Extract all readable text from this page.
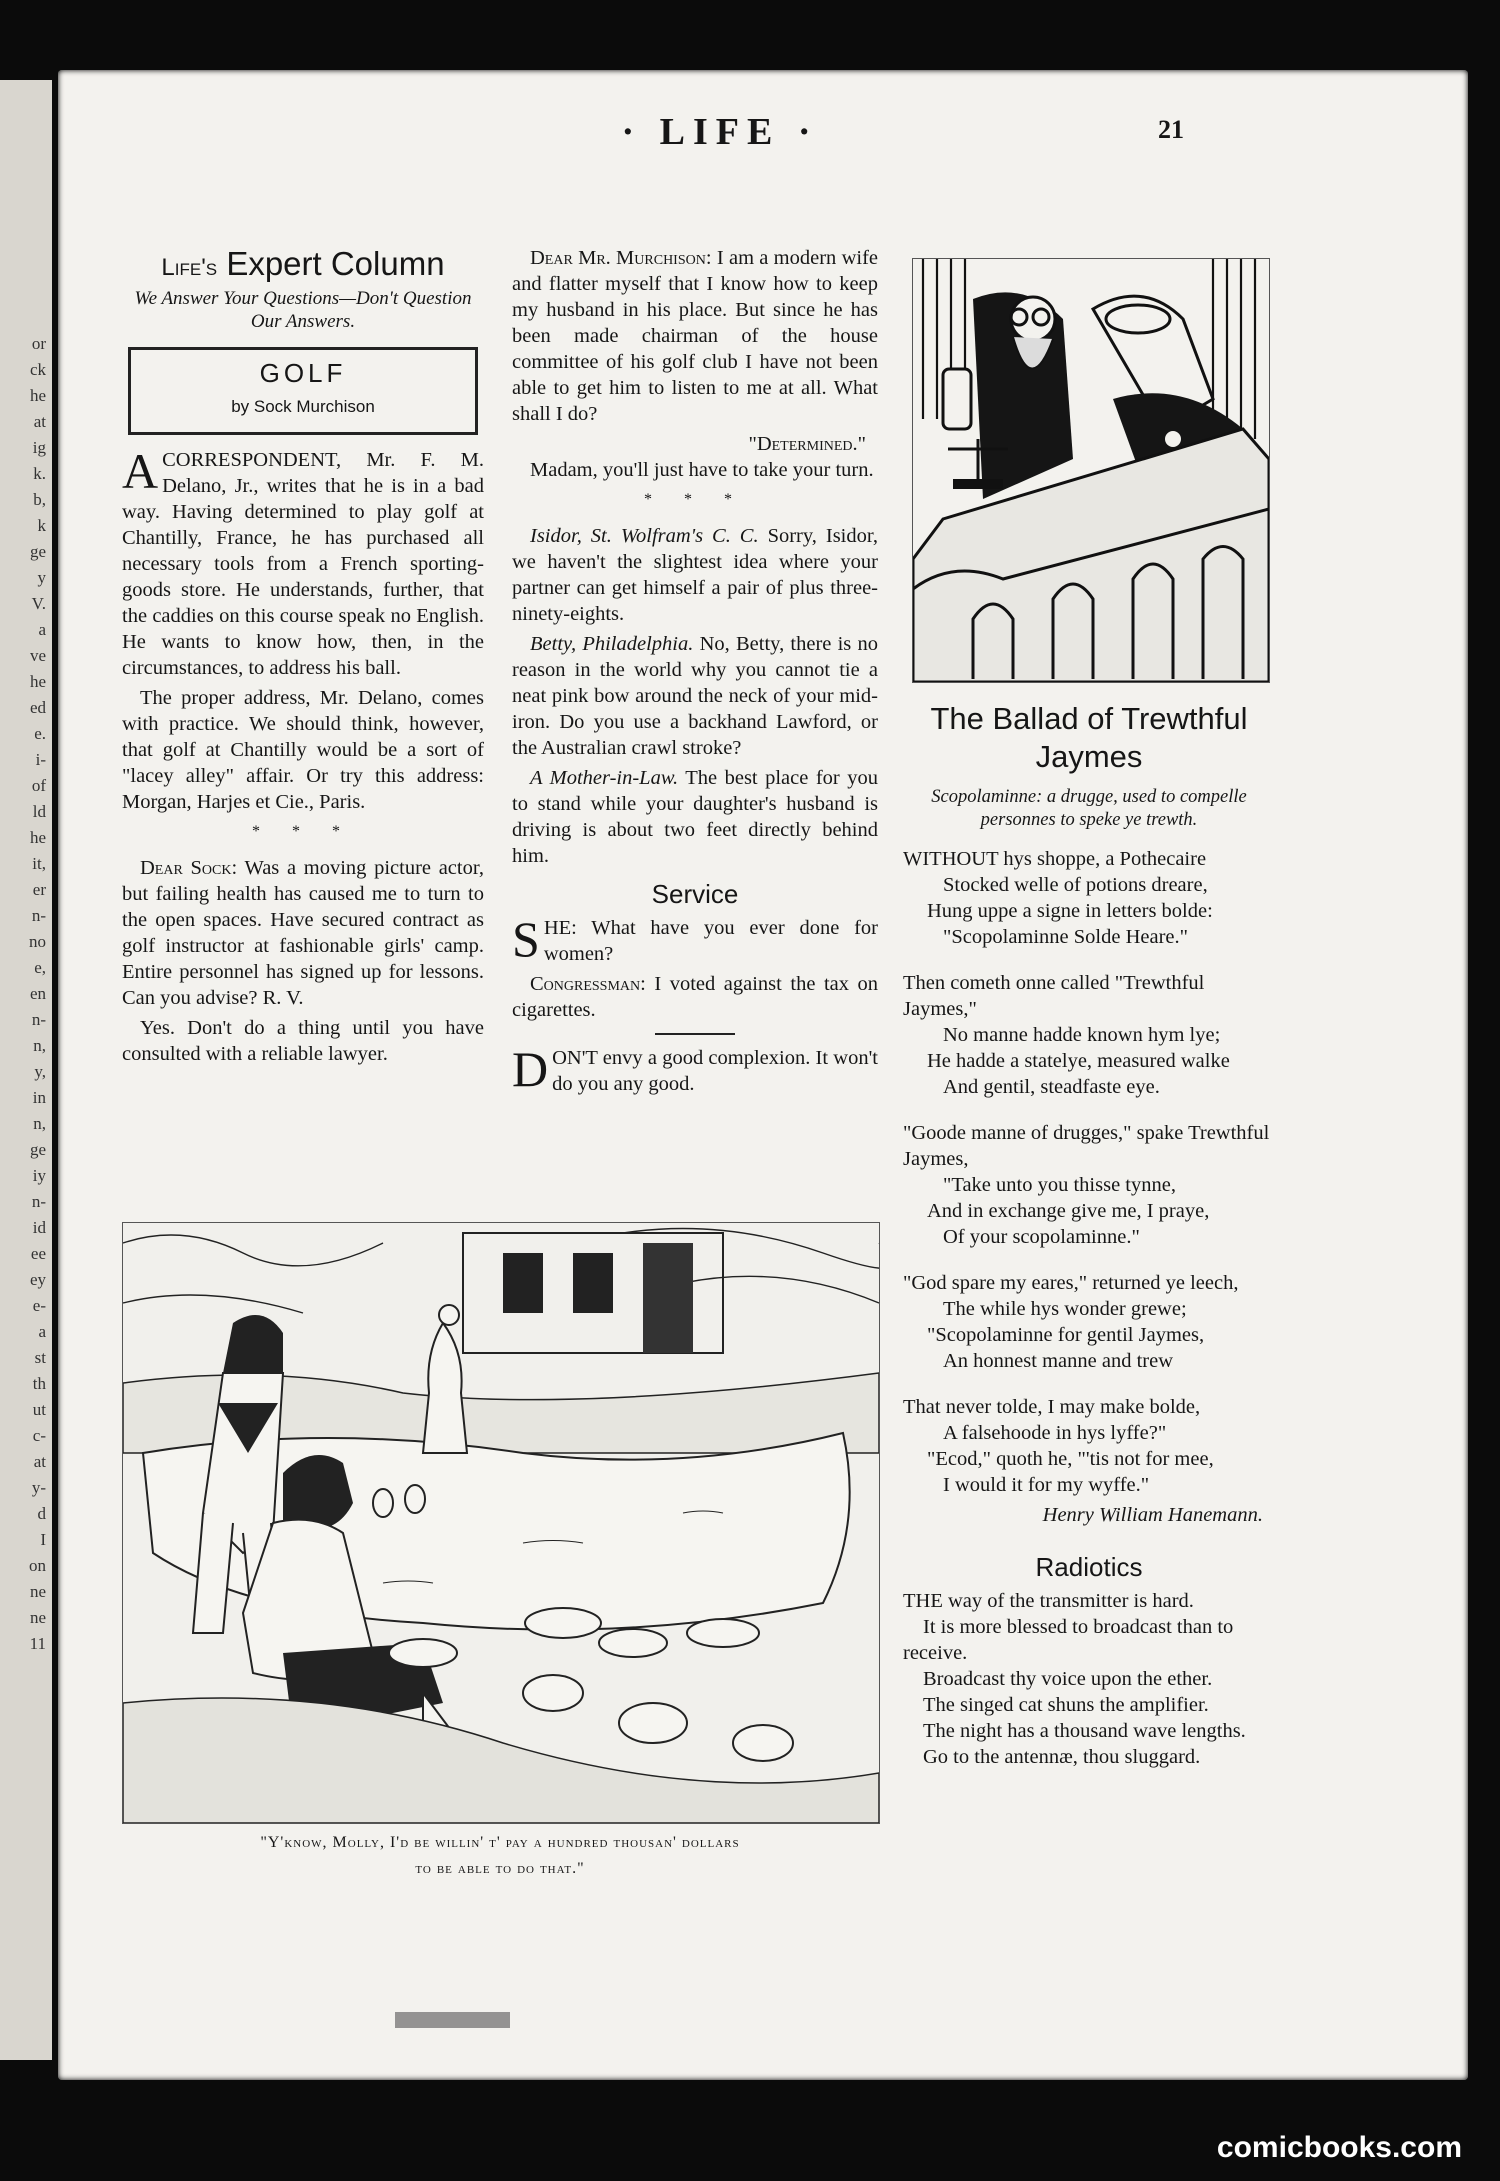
or
ck
he
at
ig
k.
b,
k
ge
y
V.
a
ve
he
ed
e.
i-
of
ld
he
it,
er
n-
no
e,
en
n-
n,
y,
in
n,
ge
iy
n-
id
ee
ey
e-
a
st
th
ut
c-
at
y-
d
I
on
ne
ne
11
· LIFE ·	21
Life's Expert Column
We Answer Your Questions—Don't Question Our Answers.
GOLF
by Sock Murchison

ACORRESPONDENT, Mr. F. M. Delano, Jr., writes that he is in a bad way. Having determined to play golf at Chantilly, France, he has purchased all necessary tools from a French sporting-goods store. He understands, further, that the caddies on this course speak no English. He wants to know how, then, in the circumstances, to address his ball.

The proper address, Mr. Delano, comes with practice. We should think, however, that golf at Chantilly would be a sort of "lacey alley" affair. Or try this address: Morgan, Harjes et Cie., Paris.

* * *

Dear Sock: Was a moving picture actor, but failing health has caused me to turn to the open spaces. Have secured contract as golf instructor at fashionable girls' camp. Entire personnel has signed up for lessons. Can you advise? R. V.

Yes. Don't do a thing until you have consulted with a reliable lawyer.

Dear Mr. Murchison: I am a modern wife and flatter myself that I know how to keep my husband in his place. But since he has been made chairman of the house committee of his golf club I have not been able to get him to listen to me at all. What shall I do?

"Determined."

Madam, you'll just have to take your turn.

* * *

Isidor, St. Wolfram's C. C. Sorry, Isidor, we haven't the slightest idea where your partner can get himself a pair of plus three-ninety-eights.

Betty, Philadelphia. No, Betty, there is no reason in the world why you cannot tie a neat pink bow around the neck of your mid-iron. Do you use a backhand Lawford, or the Australian crawl stroke?

A Mother-in-Law. The best place for you to stand while your daughter's husband is driving is about two feet directly behind him.

Service

SHE: What have you ever done for women?

Congressman: I voted against the tax on cigarettes.

DON'T envy a good complexion. It won't do you any good.

The Ballad of Trewthful Jaymes
Scopolaminne: a drugge, used to compelle personnes to speke ye trewth.
WITHOUT hys shoppe, a Pothecaire
Stocked welle of potions dreare,
Hung uppe a signe in letters bolde:
"Scopolaminne Solde Heare."
Then cometh onne called "Trewthful Jaymes,"
No manne hadde known hym lye;
He hadde a statelye, measured walke
And gentil, steadfaste eye.
"Goode manne of drugges," spake Trewthful Jaymes,
"Take unto you thisse tynne,
And in exchange give me, I praye,
Of your scopolaminne."
"God spare my eares," returned ye leech,
The while hys wonder grewe;
"Scopolaminne for gentil Jaymes,
An honnest manne and trew
That never tolde, I may make bolde,
A falsehoode in hys lyffe?"
"Ecod," quoth he, "'tis not for mee,
I would it for my wyffe."
Henry William Hanemann.
Radiotics
THE way of the transmitter is hard.
It is more blessed to broadcast than to receive.
Broadcast thy voice upon the ether.
The singed cat shuns the amplifier.
The night has a thousand wave lengths.
Go to the antennæ, thou sluggard.
"Y'know, Molly, I'd be willin' t' pay a hundred thousan' dollars
to be able to do that."
comicbooks.com
